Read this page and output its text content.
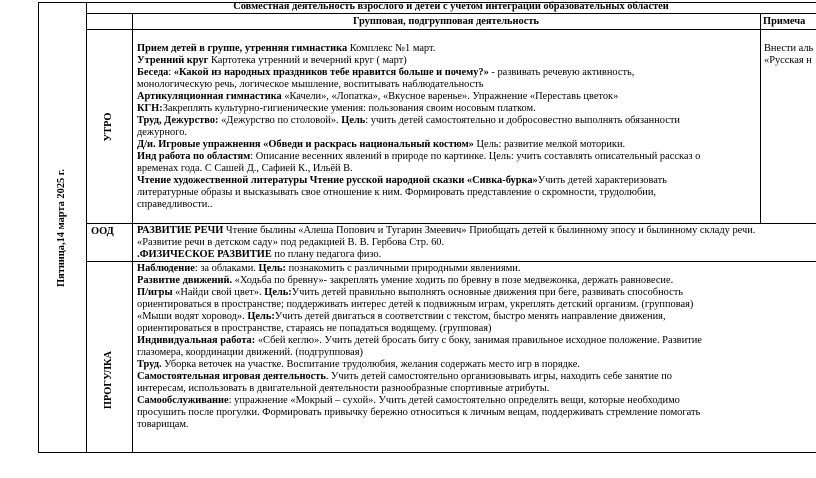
Совместная деятельность взрослого и детей с учетом интеграции образовательных областей
Групповая, подгрупповая деятельность	Примеча
Пятница,14 марта 2025 г.
УТРО
ООД
ПРОГУЛКА

Внести аль

«Русская н

Прием детей в группе, утренняя гимнастика Комплекс №1 март.

Утренний круг Картотека утренний и вечерний круг ( март)

Беседа: «Какой из народных праздников тебе нравится больше и почему?» - развивать речевую активность,

монологическую речь, логическое мышление, воспитывать наблюдательность

Артикуляционная гимнастика «Качели», «Лопатка», «Вкусное варенье». Упражнение «Переставь цветок»

КГН:Закреплять культурно-гигиенические умения: пользования своим носовым платком.

Труд, Дежурство: «Дежурство по столовой». Цель: учить детей самостоятельно и добросовестно выполнять обязанности

дежурного.

Д/и. Игровые упражнения «Обведи и раскрась национальный костюм» Цель: развитие мелкой моторики.

Инд работа по областям: Описание весенних явлений в природе по картинке. Цель: учить составлять описательный рассказ о

временах года. С Сашей Д., Сафией К., Ильёй В.

Чтение художественной литературы Чтение русской народной сказки «Сивка-бурка»Учить детей характеризовать

литературные образы и высказывать свое отношение к ним. Формировать представление о скромности, трудолюбии,

справедливости..

РАЗВИТИЕ РЕЧИ Чтение былины «Алеша Попович и Тугарин Змеевич» Приобщать детей к былинному эпосу и былинному складу речи.

«Развитие речи в детском саду» под редакцией В. В. Гербова Стр. 60.

.ФИЗИЧЕСКОЕ РАЗВИТИЕ по плану педагога физо.

Наблюдение: за облаками. Цель: познакомить с различными природными явлениями.

Развитие движений. «Ходьба по бревну»- закреплять умение ходить по бревну в позе медвежонка, держать равновесие.

П/игры «Найди свой цвет». Цель:Учить детей правильно выполнять основные движения при беге, развивать способность

ориентироваться в пространстве; поддерживать интерес детей к подвижным играм, укреплять детский организм. (групповая)

«Мыши водят хоровод». Цель:Учить детей двигаться в соответствии с текстом, быстро менять направление движения,

ориентироваться в пространстве, стараясь не попадаться водящему. (групповая)

Индивидуальная работа: «Сбей кеглю». Учить детей бросать биту с боку, занимая правильное исходное положение. Развитие

глазомера, координации движений. (подгрупповая)

Труд. Уборка веточек на участке. Воспитание трудолюбия, желания содержать место игр в порядке.

Самостоятельная игровая деятельность. Учить детей самостоятельно организовывать игры, находить себе занятие по

интересам, использовать в двигательной деятельности разнообразные спортивные атрибуты.

Самообслуживание: упражнение «Мокрый – сухой». Учить детей самостоятельно определять вещи, которые необходимо

просушить после прогулки. Формировать привычку бережно относиться к личным вещам, поддерживать стремление помогать

товарищам.
